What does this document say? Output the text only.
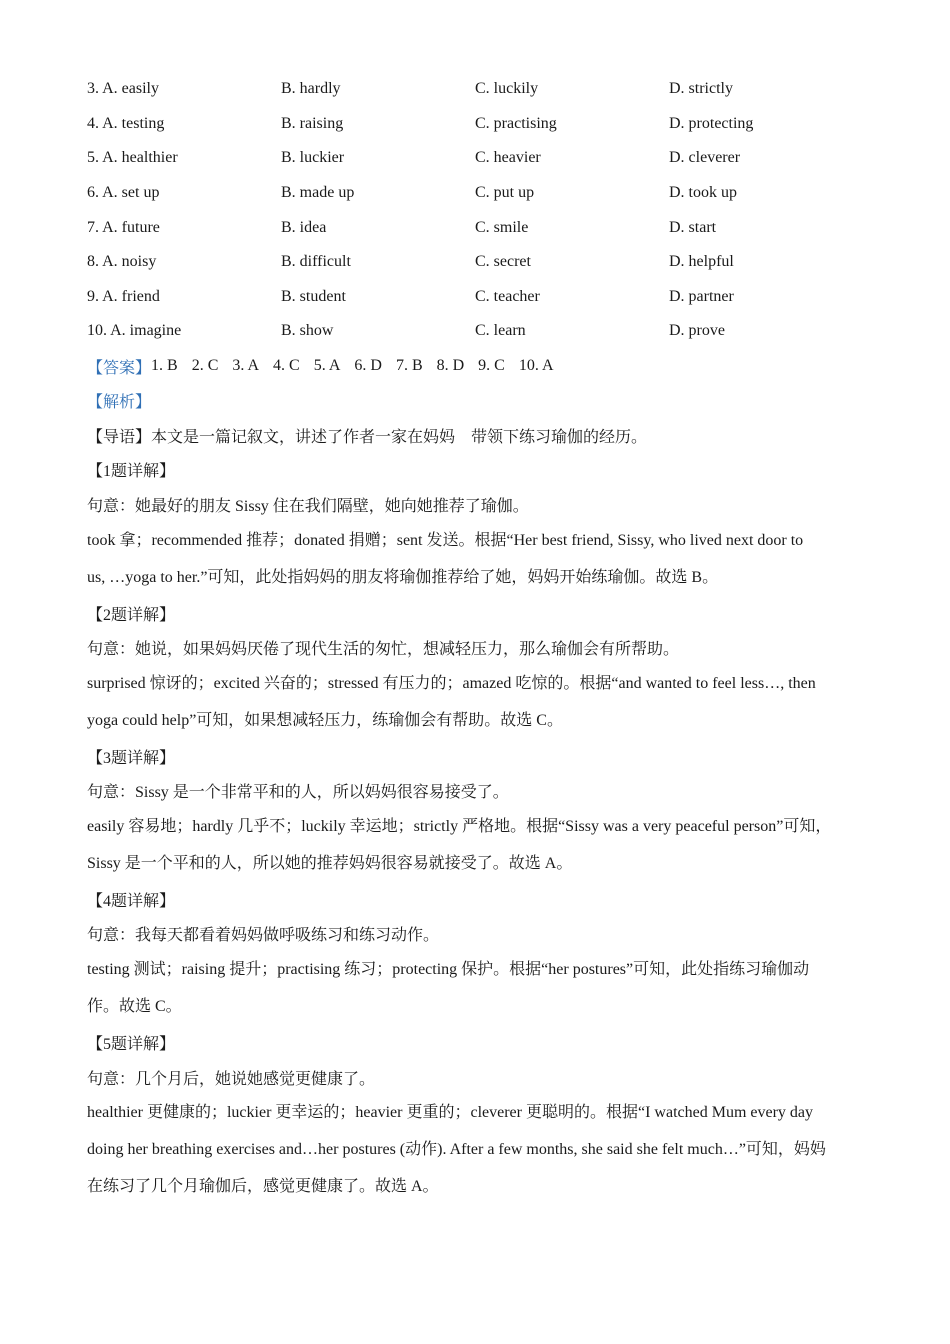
3. A. easily	B. hardly	C. luckily	D. strictly
4. A. testing	B. raising	C. practising	D. protecting
5. A. healthier	B. luckier	C. heavier	D. cleverer
6. A. set up	B. made up	C. put up	D. took up
7. A. future	B. idea	C. smile	D. start
8. A. noisy	B. difficult	C. secret	D. helpful
9. A. friend	B. student	C. teacher	D. partner
10. A. imagine	B. show	C. learn	D. prove
【答案】 1. B 2. C 3. A 4. C 5. A 6. D 7. B 8. D 9. C 10. A
【解析】
【导语】本文是一篇记叙文，讲述了作者一家在妈妈　带领下练习瑜伽的经历。
【1题详解】
句意：她最好的朋友 Sissy 住在我们隔壁，她向她推荐了瑜伽。

took 拿；recommended 推荐；donated 捐赠；sent 发送。根据“Her best friend, Sissy, who lived next door to

us, …yoga to her.”可知，此处指妈妈的朋友将瑜伽推荐给了她，妈妈开始练瑜伽。故选 B。

【2题详解】
句意：她说，如果妈妈厌倦了现代生活的匆忙，想减轻压力，那么瑜伽会有所帮助。

surprised 惊讶的；excited 兴奋的；stressed 有压力的；amazed 吃惊的。根据“and wanted to feel less…, then

yoga could help”可知，如果想减轻压力，练瑜伽会有帮助。故选 C。

【3题详解】
句意：Sissy 是一个非常平和的人，所以妈妈很容易接受了。

easily 容易地；hardly 几乎不；luckily 幸运地；strictly 严格地。根据“Sissy was a very peaceful person”可知，

Sissy 是一个平和的人，所以她的推荐妈妈很容易就接受了。故选 A。

【4题详解】
句意：我每天都看着妈妈做呼吸练习和练习动作。

testing 测试；raising 提升；practising 练习；protecting 保护。根据“her postures”可知，此处指练习瑜伽动

作。故选 C。

【5题详解】
句意：几个月后，她说她感觉更健康了。

healthier 更健康的；luckier 更幸运的；heavier 更重的；cleverer 更聪明的。根据“I watched Mum every day

doing her breathing exercises and…her postures (动作). After a few months, she said she felt much…”可知，妈妈

在练习了几个月瑜伽后，感觉更健康了。故选 A。
